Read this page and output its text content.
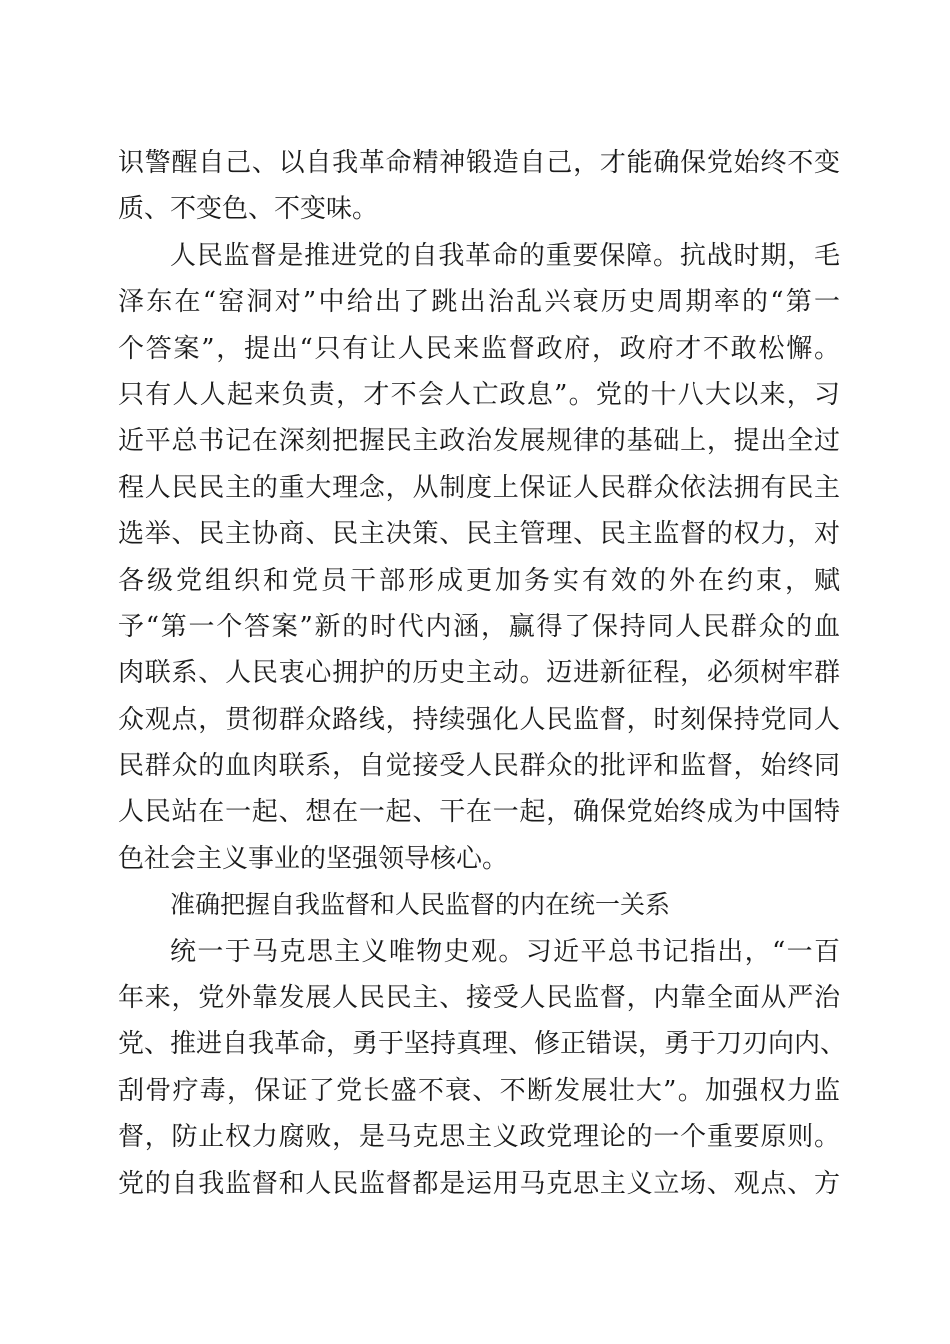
识警醒自己、以自我革命精神锻造自己，才能确保党始终不变
质、不变色、不变味。
人民监督是推进党的自我革命的重要保障。抗战时期，毛
泽东在“窑洞对”中给出了跳出治乱兴衰历史周期率的“第一
个答案”，提出“只有让人民来监督政府，政府才不敢松懈。
只有人人起来负责，才不会人亡政息”。党的十八大以来，习
近平总书记在深刻把握民主政治发展规律的基础上，提出全过
程人民民主的重大理念，从制度上保证人民群众依法拥有民主
选举、民主协商、民主决策、民主管理、民主监督的权力，对
各级党组织和党员干部形成更加务实有效的外在约束，赋
予“第一个答案”新的时代内涵，赢得了保持同人民群众的血
肉联系、人民衷心拥护的历史主动。迈进新征程，必须树牢群
众观点，贯彻群众路线，持续强化人民监督，时刻保持党同人
民群众的血肉联系，自觉接受人民群众的批评和监督，始终同
人民站在一起、想在一起、干在一起，确保党始终成为中国特
色社会主义事业的坚强领导核心。
准确把握自我监督和人民监督的内在统一关系
统一于马克思主义唯物史观。习近平总书记指出，“一百
年来，党外靠发展人民民主、接受人民监督，内靠全面从严治
党、推进自我革命，勇于坚持真理、修正错误，勇于刀刃向内、
刮骨疗毒，保证了党长盛不衰、不断发展壮大”。加强权力监
督，防止权力腐败，是马克思主义政党理论的一个重要原则。
党的自我监督和人民监督都是运用马克思主义立场、观点、方
